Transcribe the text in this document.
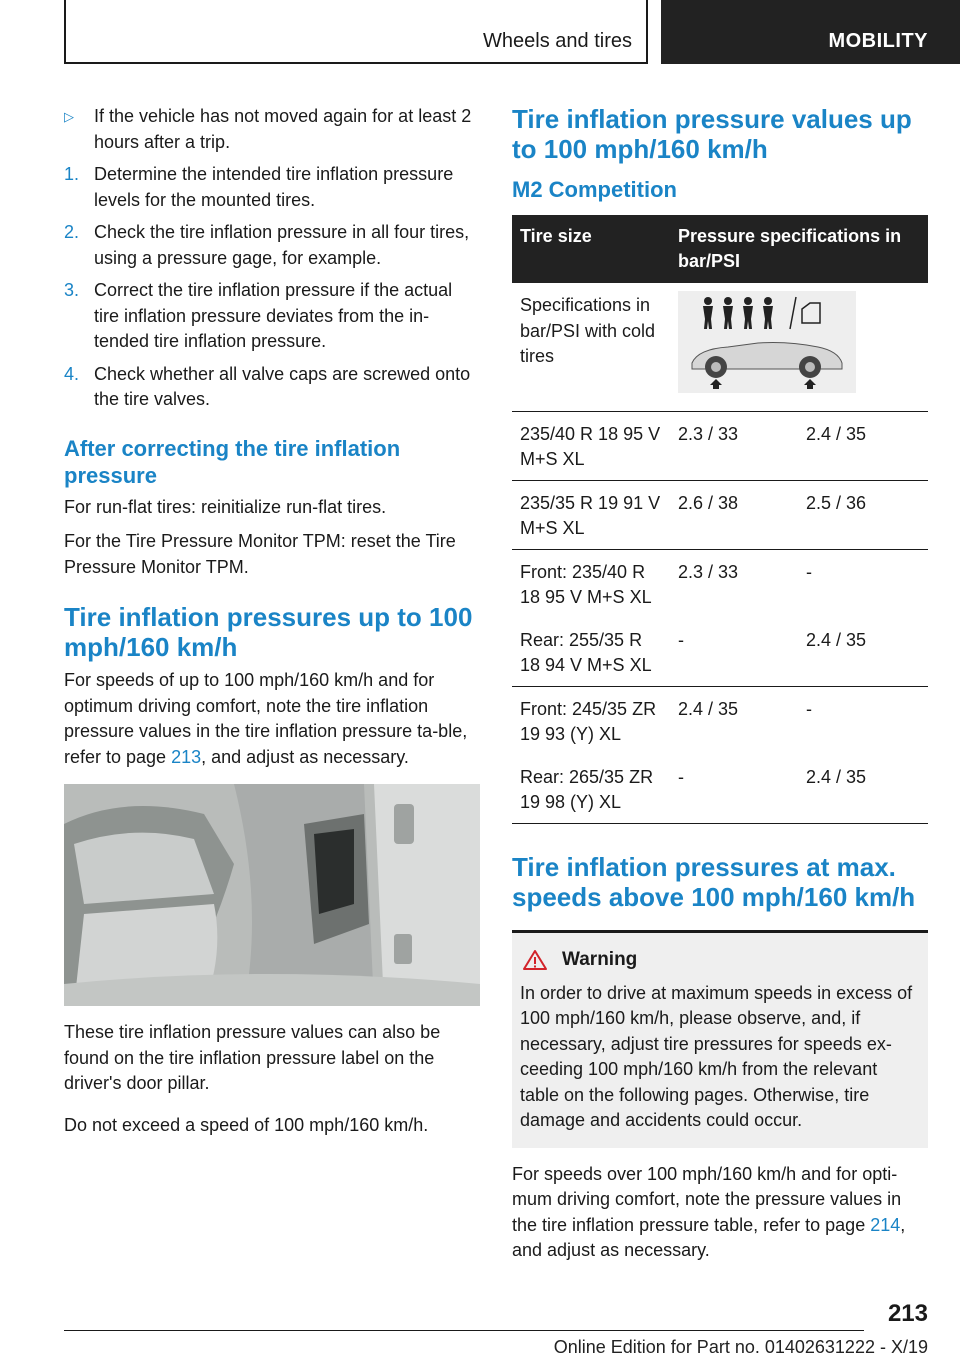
Wheels and tires	MOBILITY
▷	If the vehicle has not moved again for at least 2 hours after a trip.
1. Determine the intended tire inflation pressure levels for the mounted tires.
2. Check the tire inflation pressure in all four tires, using a pressure gage, for example.
3. Correct the tire inflation pressure if the actual tire inflation pressure deviates from the in-tended tire inflation pressure.
4. Check whether all valve caps are screwed onto the tire valves.
After correcting the tire inflation pressure

For run-flat tires: reinitialize run-flat tires.

For the Tire Pressure Monitor TPM: reset the Tire Pressure Monitor TPM.

Tire inflation pressures up to 100 mph/160 km/h

For speeds of up to 100 mph/160 km/h and for optimum driving comfort, note the tire inflation pressure values in the tire inflation pressure ta-ble, refer to page 213, and adjust as necessary.

These tire inflation pressure values can also be found on the tire inflation pressure label on the driver's door pillar.

Do not exceed a speed of 100 mph/160 km/h.

Tire inflation pressure values up to 100 mph/160 km/h
M2 Competition
Tire size	Pressure specifications in bar/PSI	
Specifications in bar/PSI with cold tires	
235/40 R 18 95 V M+S XL	2.3 / 33	2.4 / 35
235/35 R 19 91 V M+S XL	2.6 / 38	2.5 / 36
Front: 235/40 R 18 95 V M+S XL	2.3 / 33	-
Rear: 255/35 R 18 94 V M+S XL	-	2.4 / 35
Front: 245/35 ZR 19 93 (Y) XL	2.4 / 35	-
Rear: 265/35 ZR 19 98 (Y) XL	-	2.4 / 35
Tire inflation pressures at max. speeds above 100 mph/160 km/h
Warning

In order to drive at maximum speeds in excess of 100 mph/160 km/h, please observe, and, if necessary, adjust tire pressures for speeds ex-ceeding 100 mph/160 km/h from the relevant table on the following pages. Otherwise, tire damage and accidents could occur.

For speeds over 100 mph/160 km/h and for opti-mum driving comfort, note the pressure values in the tire inflation pressure table, refer to page 214, and adjust as necessary.

213
Online Edition for Part no. 01402631222 - X/19
